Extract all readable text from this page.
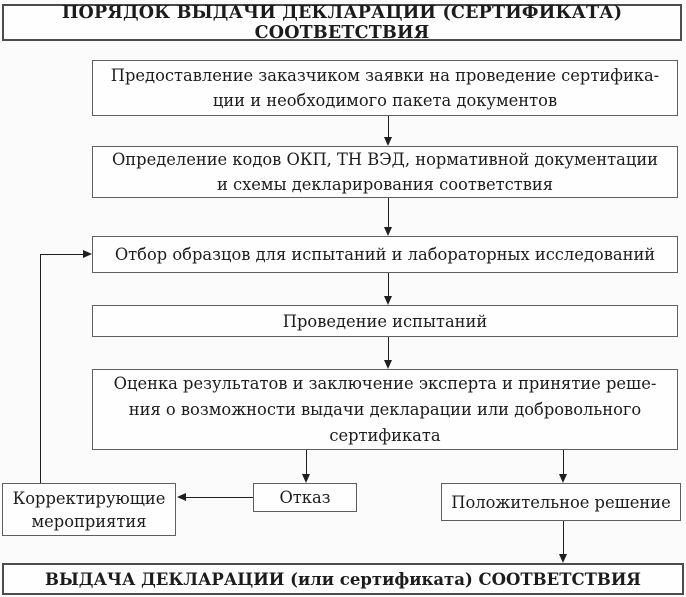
ПОРЯДОК ВЫДАЧИ ДЕКЛАРАЦИИ (СЕРТИФИКАТА) СООТВЕТСТВИЯ
Предоставление заказчиком заявки на проведение сертифика-
ции и необходимого пакета документов
Определение кодов ОКП, ТН ВЭД, нормативной документации
и схемы декларирования соответствия
Отбор образцов для испытаний и лабораторных исследований
Проведение испытаний
Оценка результатов и заключение эксперта и принятие реше-
ния о возможности выдачи декларации или добровольного
сертификата
Отказ	Положительное решение
Корректирующие
мероприятия
ВЫДАЧА ДЕКЛАРАЦИИ (или сертификата) СООТВЕТСТВИЯ
